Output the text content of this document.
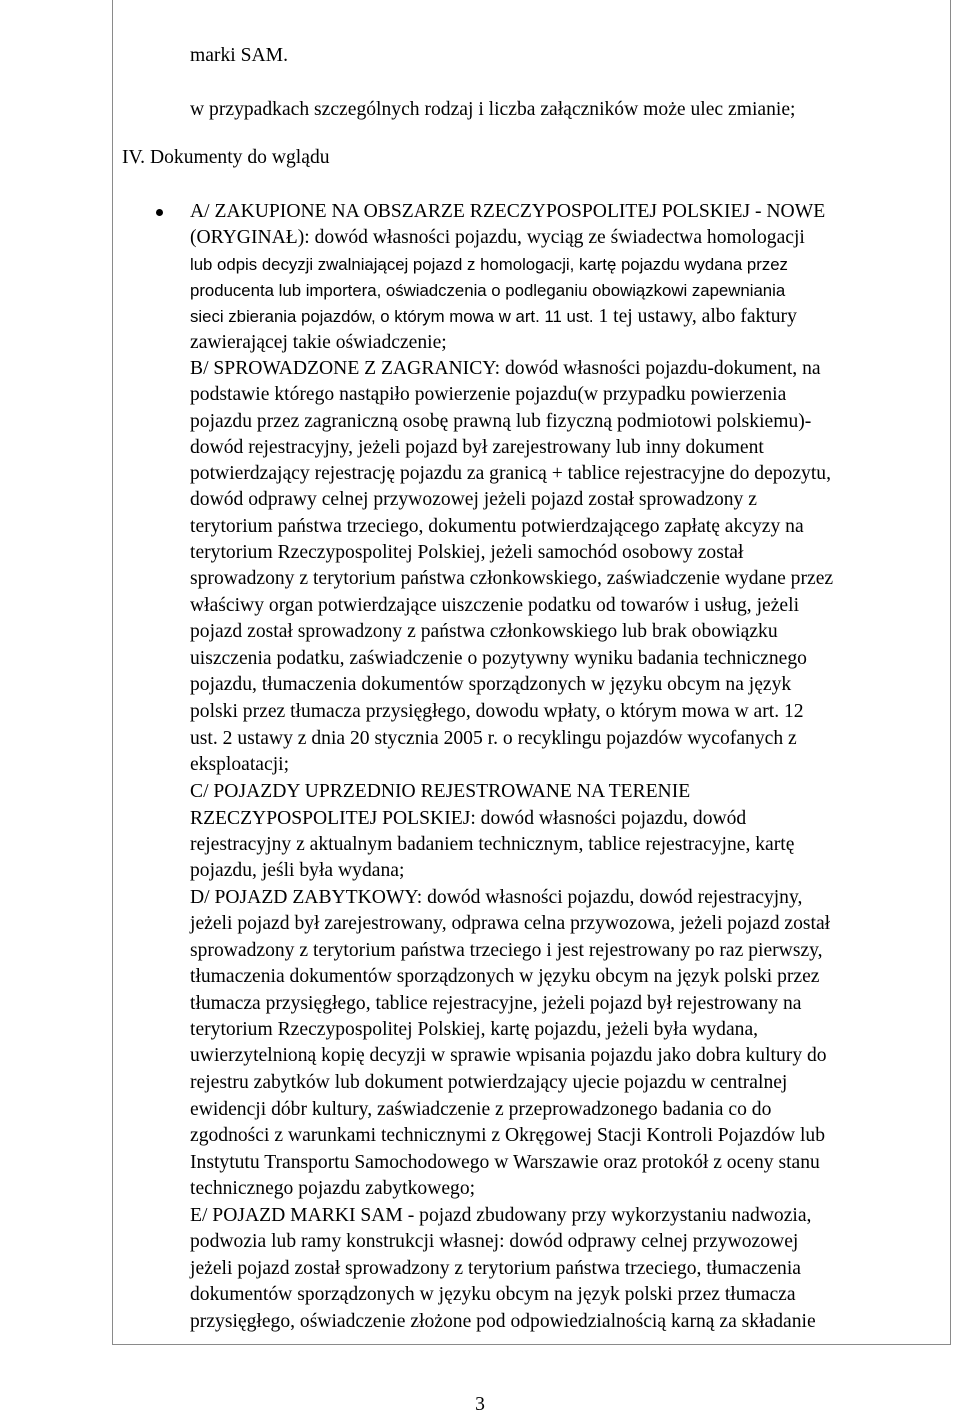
marki SAM.
w przypadkach szczególnych rodzaj i liczba załączników może ulec zmianie;
IV. Dokumenty do wglądu
A/ ZAKUPIONE NA OBSZARZE RZECZYPOSPOLITEJ POLSKIEJ - NOWE
(ORYGINAŁ): dowód własności pojazdu, wyciąg ze świadectwa homologacji
lub odpis decyzji zwalniającej pojazd z homologacji, kartę pojazdu wydana przez
producenta lub importera, oświadczenia o podleganiu obowiązkowi zapewniania
sieci zbierania pojazdów, o którym mowa w art. 11 ust. 1 tej ustawy, albo faktury
zawierającej takie oświadczenie;
B/ SPROWADZONE Z ZAGRANICY: dowód własności pojazdu-dokument, na
podstawie którego nastąpiło powierzenie pojazdu(w przypadku powierzenia
pojazdu przez zagraniczną osobę prawną lub fizyczną podmiotowi polskiemu)-
dowód rejestracyjny, jeżeli pojazd był zarejestrowany lub inny dokument
potwierdzający rejestrację pojazdu za granicą + tablice rejestracyjne do depozytu,
dowód odprawy celnej przywozowej jeżeli pojazd został sprowadzony z
terytorium państwa trzeciego, dokumentu potwierdzającego zapłatę akcyzy na
terytorium Rzeczypospolitej Polskiej, jeżeli samochód osobowy został
sprowadzony z terytorium państwa członkowskiego, zaświadczenie wydane przez
właściwy organ potwierdzające uiszczenie podatku od towarów i usług, jeżeli
pojazd został sprowadzony z państwa członkowskiego lub brak obowiązku
uiszczenia podatku, zaświadczenie o pozytywny wyniku badania technicznego
pojazdu, tłumaczenia dokumentów sporządzonych w języku obcym na język
polski przez tłumacza przysięgłego, dowodu wpłaty, o którym mowa w art. 12
ust. 2 ustawy z dnia 20 stycznia 2005 r. o recyklingu pojazdów wycofanych z
eksploatacji;
C/ POJAZDY UPRZEDNIO REJESTROWANE NA TERENIE
RZECZYPOSPOLITEJ POLSKIEJ: dowód własności pojazdu, dowód
rejestracyjny z aktualnym badaniem technicznym, tablice rejestracyjne, kartę
pojazdu, jeśli była wydana;
D/ POJAZD ZABYTKOWY: dowód własności pojazdu, dowód rejestracyjny,
jeżeli pojazd był zarejestrowany, odprawa celna przywozowa, jeżeli pojazd został
sprowadzony z terytorium państwa trzeciego i jest rejestrowany po raz pierwszy,
tłumaczenia dokumentów sporządzonych w języku obcym na język polski przez
tłumacza przysięgłego, tablice rejestracyjne, jeżeli pojazd był rejestrowany na
terytorium Rzeczypospolitej Polskiej, kartę pojazdu, jeżeli była wydana,
uwierzytelnioną kopię decyzji w sprawie wpisania pojazdu jako dobra kultury do
rejestru zabytków lub dokument potwierdzający ujecie pojazdu w centralnej
ewidencji dóbr kultury, zaświadczenie z przeprowadzonego badania co do
zgodności z warunkami technicznymi z Okręgowej Stacji Kontroli Pojazdów lub
Instytutu Transportu Samochodowego w Warszawie oraz protokół z oceny stanu
technicznego pojazdu zabytkowego;
E/ POJAZD MARKI SAM - pojazd zbudowany przy wykorzystaniu nadwozia,
podwozia lub ramy konstrukcji własnej: dowód odprawy celnej przywozowej
jeżeli pojazd został sprowadzony z terytorium państwa trzeciego, tłumaczenia
dokumentów sporządzonych w języku obcym na język polski przez tłumacza
przysięgłego, oświadczenie złożone pod odpowiedzialnością karną za składanie
3
